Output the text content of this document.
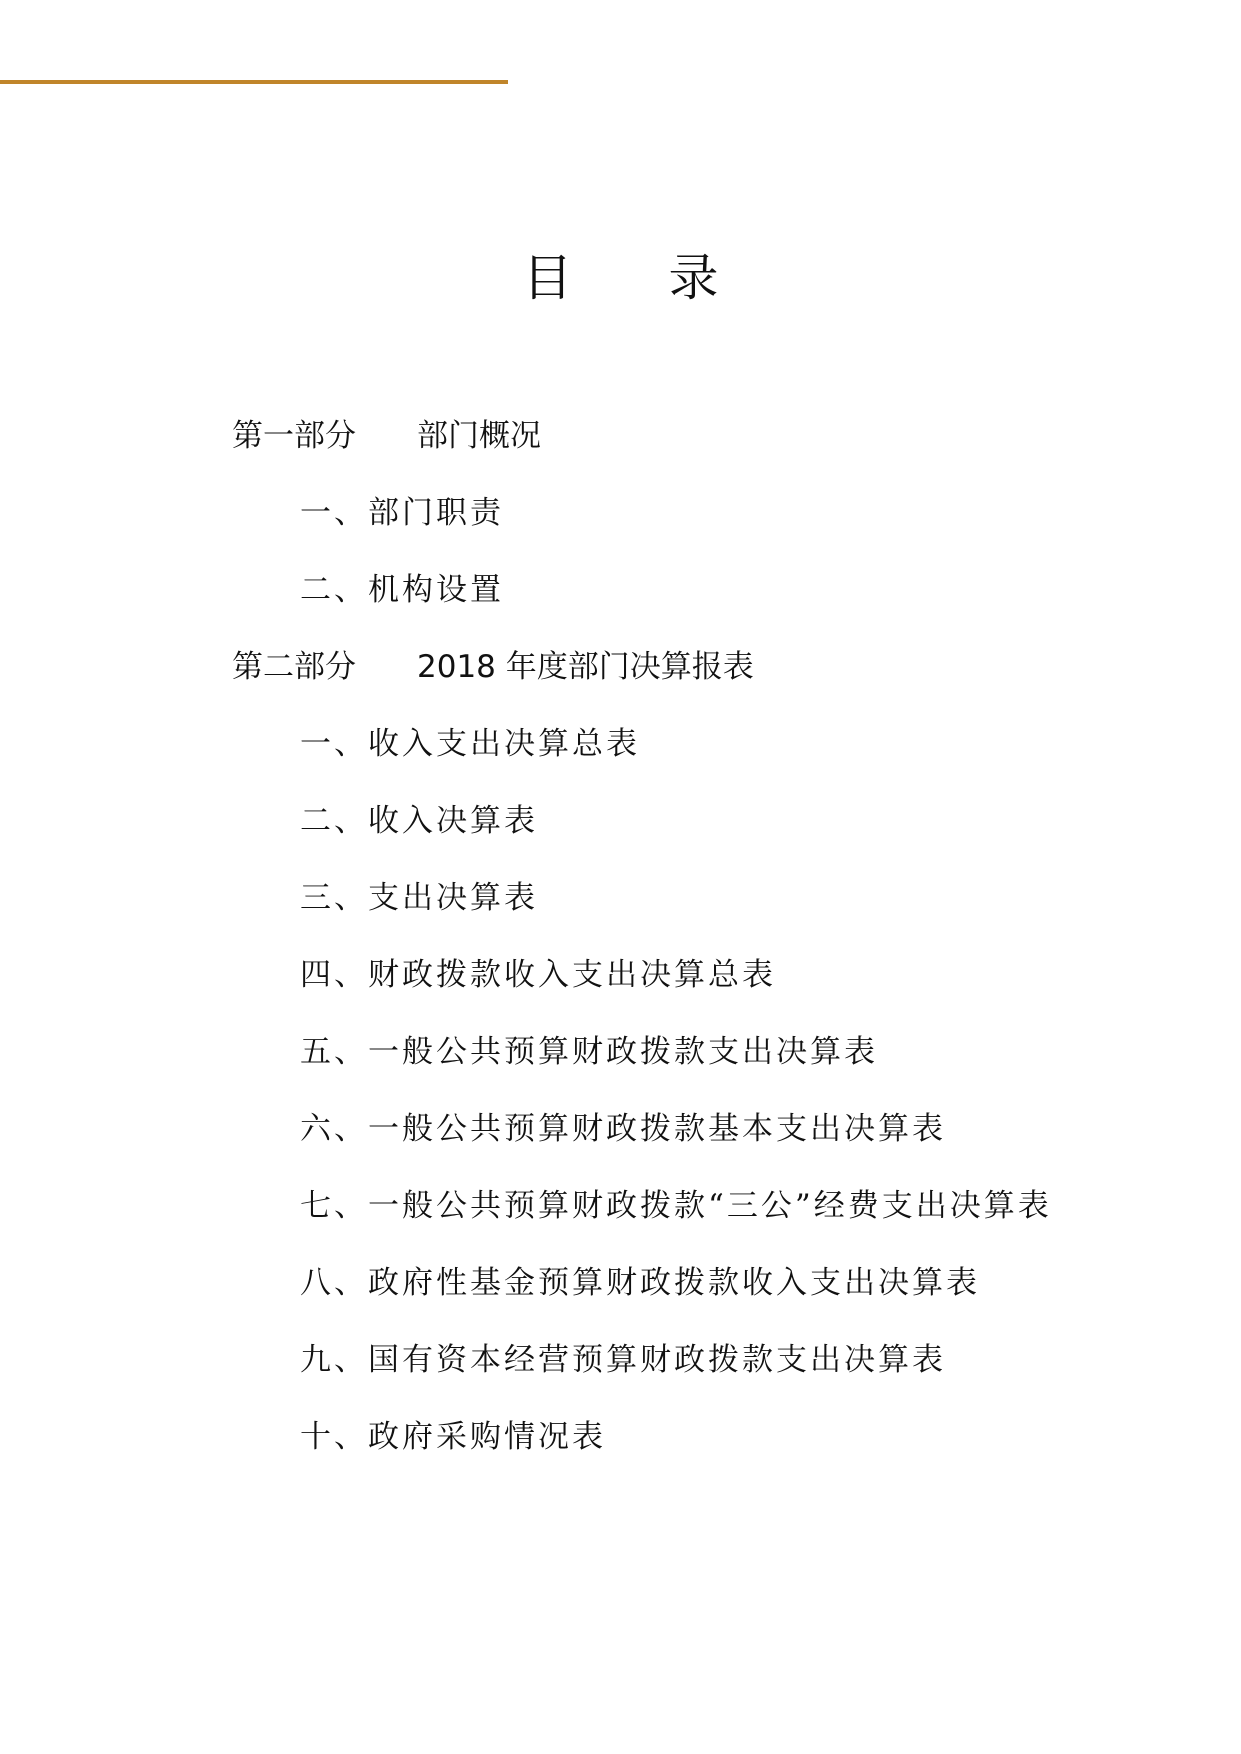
目 录
第一部分 部门概况
一、部门职责
二、机构设置
第二部分 2018 年度部门决算报表
一、收入支出决算总表
二、收入决算表
三、支出决算表
四、财政拨款收入支出决算总表
五、一般公共预算财政拨款支出决算表
六、一般公共预算财政拨款基本支出决算表
七、一般公共预算财政拨款“三公”经费支出决算表
八、政府性基金预算财政拨款收入支出决算表
九、国有资本经营预算财政拨款支出决算表
十、政府采购情况表
